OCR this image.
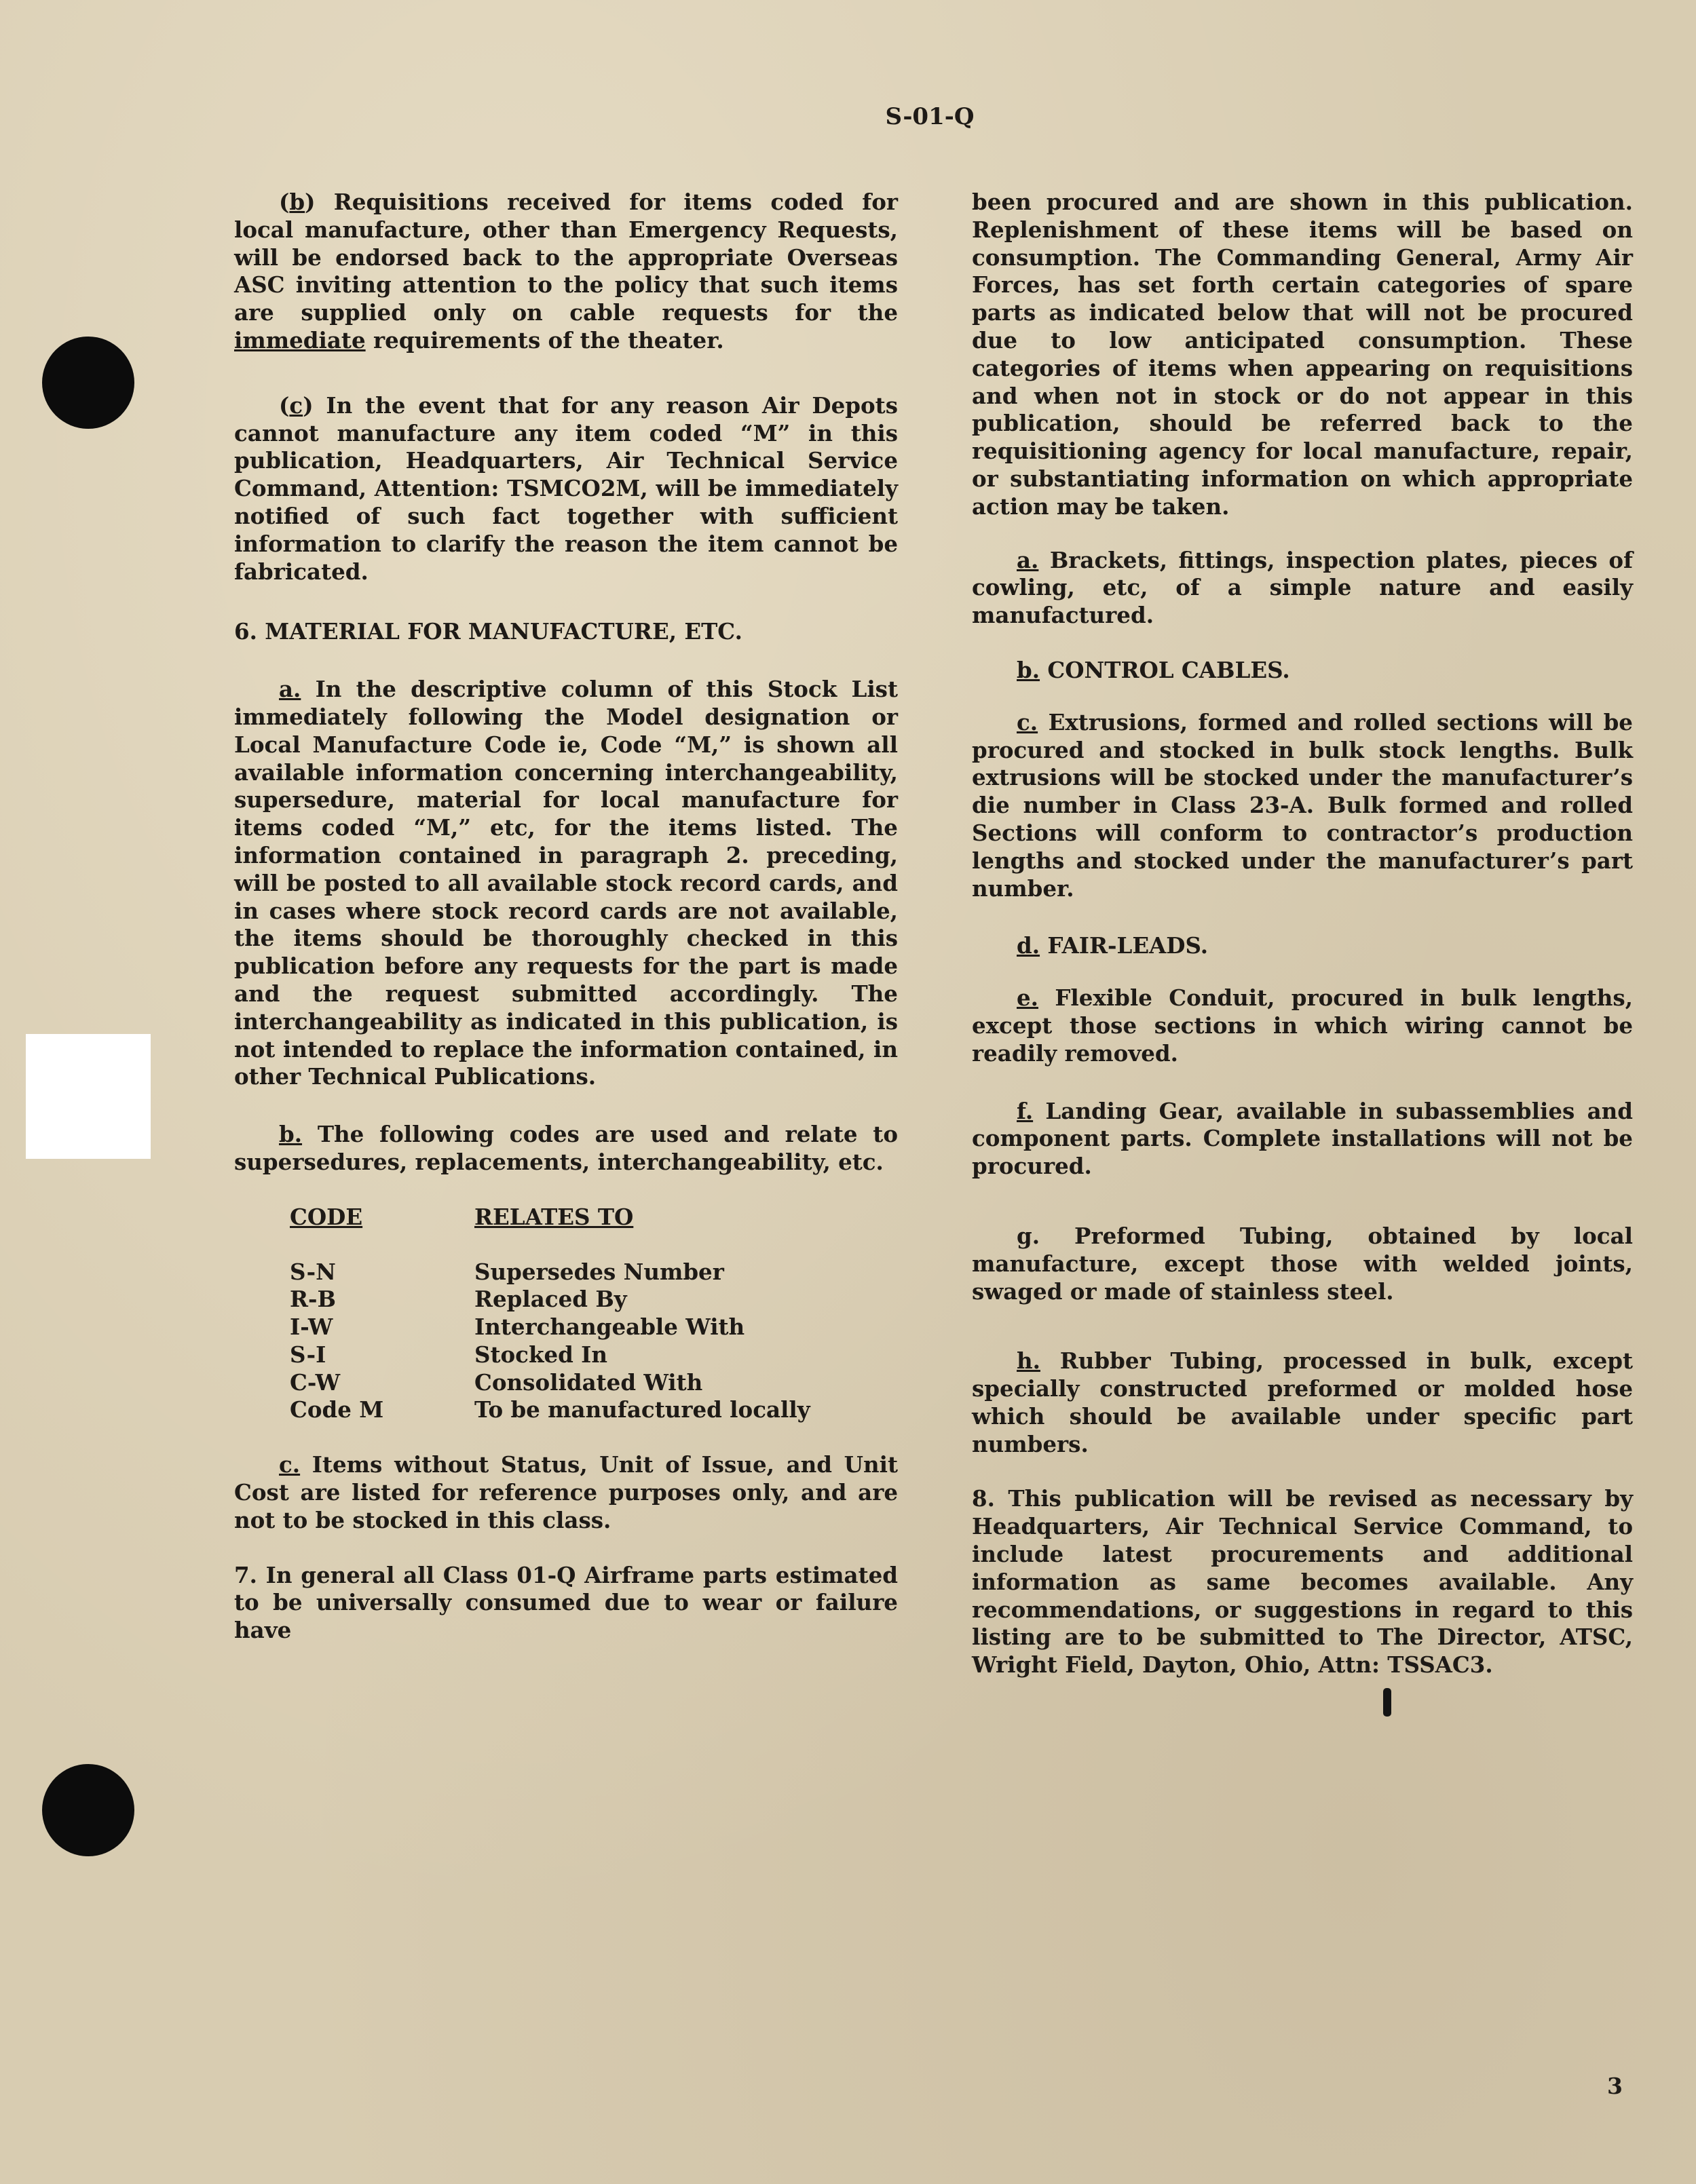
S-01-Q

(b) Requisitions received for items coded for local manufacture, other than Emergency Requests, will be endorsed back to the appropriate Overseas ASC inviting attention to the policy that such items are supplied only on cable requests for the immediate requirements of the theater.

(c) In the event that for any reason Air Depots cannot manufacture any item coded “M” in this publication, Headquarters, Air Technical Service Command, Attention: TSMCO2M, will be immediately notified of such fact together with sufficient information to clarify the reason the item cannot be fabricated.

6. MATERIAL FOR MANUFACTURE, ETC.

a. In the descriptive column of this Stock List immediately following the Model designation or Local Manufacture Code ie, Code “M,” is shown all available information concerning interchangeability, supersedure, material for local manufacture for items coded “M,” etc, for the items listed. The information contained in paragraph 2. preceding, will be posted to all available stock record cards, and in cases where stock record cards are not available, the items should be thoroughly checked in this publication before any requests for the part is made and the request submitted accordingly. The interchangeability as indicated in this publication, is not intended to replace the information contained, in other Technical Publications.

b. The following codes are used and relate to supersedures, replacements, interchangeability, etc.

CODE	RELATES TO

S-N	Supersedes Number
R-B	Replaced By
I-W	Interchangeable With
S-I	Stocked In
C-W	Consolidated With
Code M	To be manufactured locally

c. Items without Status, Unit of Issue, and Unit Cost are listed for reference purposes only, and are not to be stocked in this class.

7. In general all Class 01-Q Airframe parts estimated to be universally consumed due to wear or failure have

been procured and are shown in this publication. Replenishment of these items will be based on consumption. The Commanding General, Army Air Forces, has set forth certain categories of spare parts as indicated below that will not be procured due to low anticipated consumption. These categories of items when appearing on requisitions and when not in stock or do not appear in this publication, should be referred back to the requisitioning agency for local manufacture, repair, or substantiating information on which appropriate action may be taken.

a. Brackets, fittings, inspection plates, pieces of cowling, etc, of a simple nature and easily manufactured.

b. CONTROL CABLES.

c. Extrusions, formed and rolled sections will be procured and stocked in bulk stock lengths. Bulk extrusions will be stocked under the manufacturer’s die number in Class 23-A. Bulk formed and rolled Sections will conform to contractor’s production lengths and stocked under the manufacturer’s part number.

d. FAIR-LEADS.

e. Flexible Conduit, procured in bulk lengths, except those sections in which wiring cannot be readily removed.

f. Landing Gear, available in subassemblies and component parts. Complete installations will not be procured.

g. Preformed Tubing, obtained by local manufacture, except those with welded joints, swaged or made of stainless steel.

h. Rubber Tubing, processed in bulk, except specially constructed preformed or molded hose which should be available under specific part numbers.

8. This publication will be revised as necessary by Headquarters, Air Technical Service Command, to include latest procurements and additional information as same becomes available. Any recommendations, or suggestions in regard to this listing are to be submitted to The Director, ATSC, Wright Field, Dayton, Ohio, Attn: TSSAC3.

3
